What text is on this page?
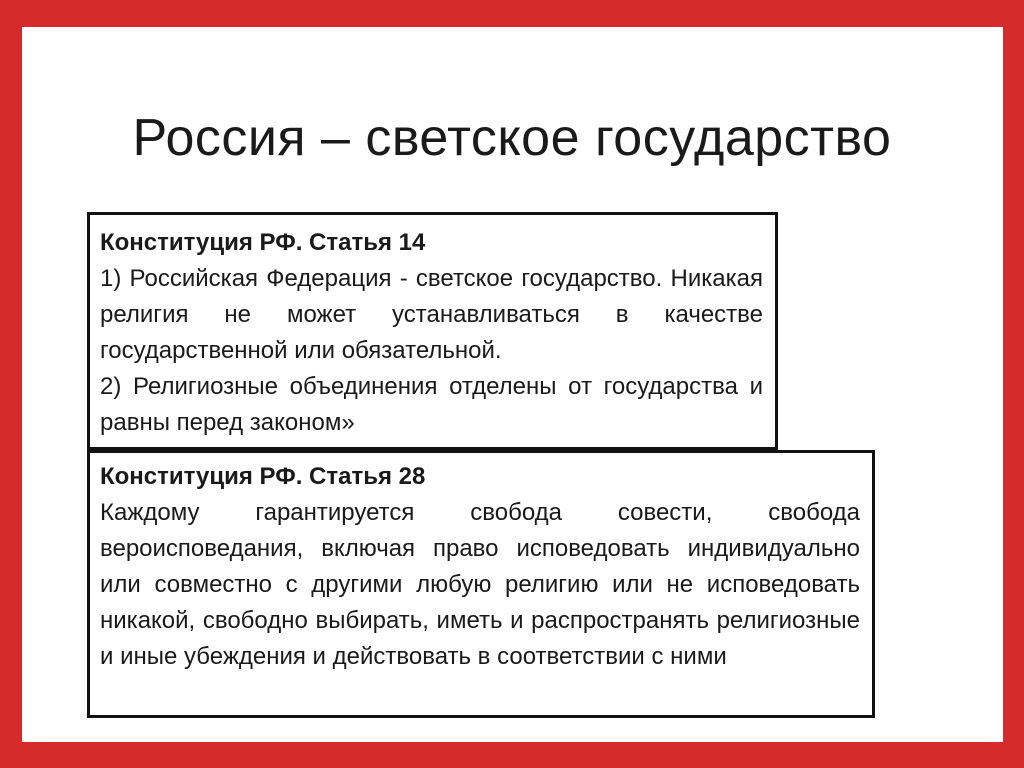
Россия – светское государство
Конституция РФ. Статья 14
1) Российская Федерация - светское государство. Никакая религия не может устанавливаться в качестве государственной или обязательной.
2) Религиозные объединения отделены от государства и равны перед законом»
Конституция РФ. Статья 28
Каждому гарантируется свобода совести, свобода вероисповедания, включая право исповедовать индивидуально или совместно с другими любую религию или не исповедовать никакой, свободно выбирать, иметь и распространять религиозные и иные убеждения и действовать в соответствии с ними
